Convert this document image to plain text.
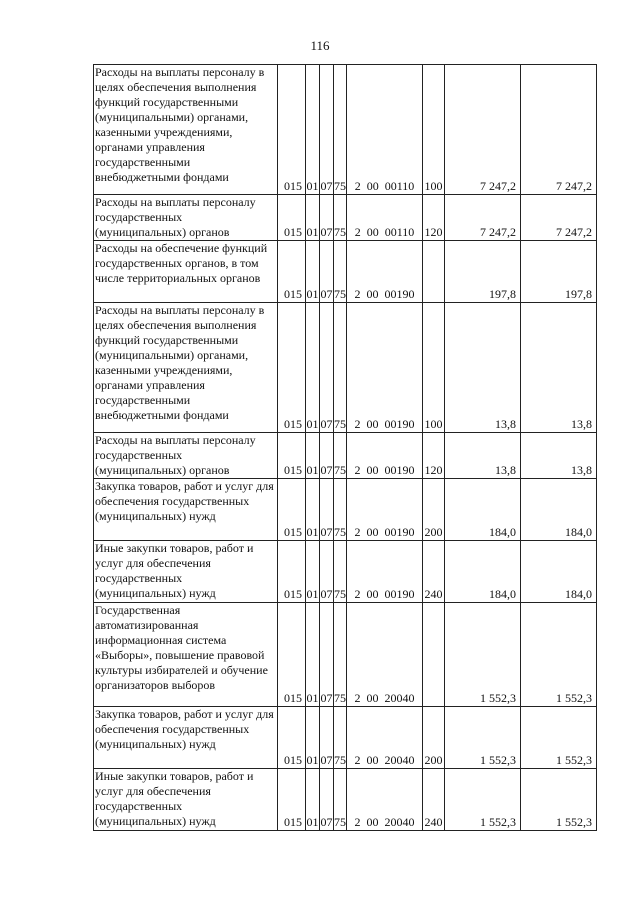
116
Расходы на выплаты персоналу в целях обеспечения выполнения функций государственными (муниципальными) органами, казенными учреждениями, органами управления государственными внебюджетными фондами	015	01	07	75	2  00  00110	100	7 247,2	7 247,2
Расходы на выплаты персоналу государственных (муниципальных) органов	015	01	07	75	2  00  00110	120	7 247,2	7 247,2
Расходы на обеспечение функций государственных органов, в том числе территориальных органов	015	01	07	75	2  00  00190		197,8	197,8
Расходы на выплаты персоналу в целях обеспечения выполнения функций государственными (муниципальными) органами, казенными учреждениями, органами управления государственными внебюджетными фондами	015	01	07	75	2  00  00190	100	13,8	13,8
Расходы на выплаты персоналу государственных (муниципальных) органов	015	01	07	75	2  00  00190	120	13,8	13,8
Закупка товаров, работ и услуг для обеспечения государственных (муниципальных) нужд	015	01	07	75	2  00  00190	200	184,0	184,0
Иные закупки товаров, работ и услуг для обеспечения государственных (муниципальных) нужд	015	01	07	75	2  00  00190	240	184,0	184,0
Государственная автоматизированная информационная система «Выборы», повышение правовой культуры избирателей и обучение организаторов выборов	015	01	07	75	2  00  20040		1 552,3	1 552,3
Закупка товаров, работ и услуг для обеспечения государственных (муниципальных) нужд	015	01	07	75	2  00  20040	200	1 552,3	1 552,3
Иные закупки товаров, работ и услуг для обеспечения государственных (муниципальных) нужд	015	01	07	75	2  00  20040	240	1 552,3	1 552,3
